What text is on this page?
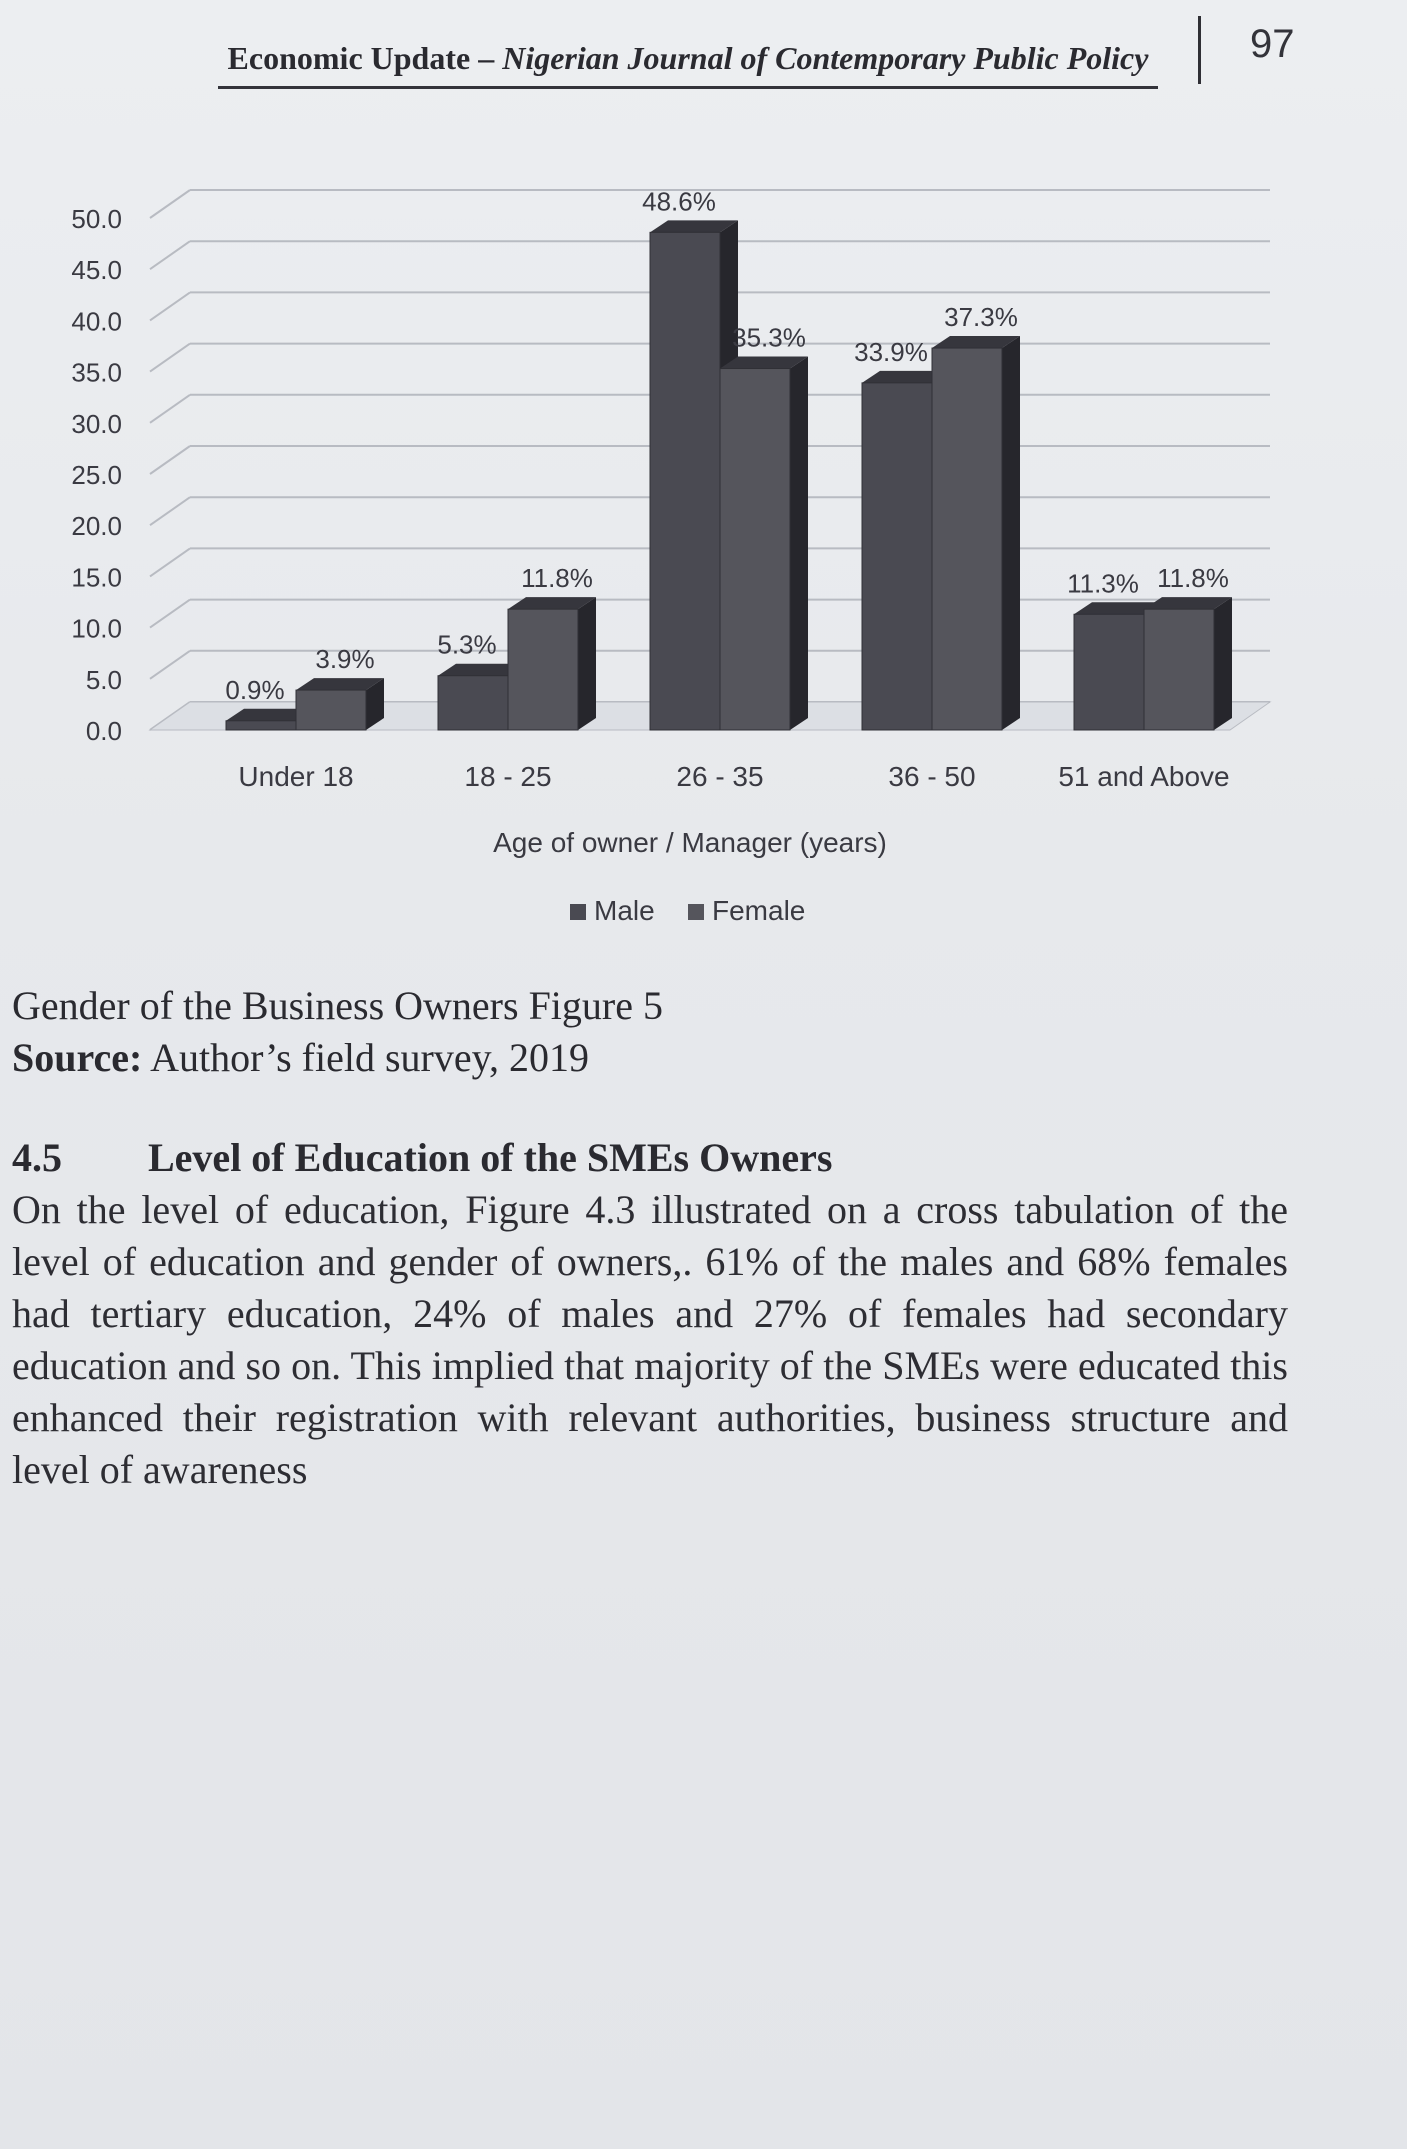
Economic Update – Nigerian Journal of Contemporary Public Policy	97
0.0
5.0
10.0
15.0
20.0
25.0
30.0
35.0
40.0
45.0
50.0
0.9%
3.9%
Under 18
5.3%
11.8%
18 - 25
48.6%
35.3%
26 - 35
33.9%
37.3%
36 - 50
11.3% 11.8%
51 and Above
Age of owner / Manager (years)
Male Female
Gender of the Business Owners Figure 5
Source: Author’s field survey, 2019
4.5 Level of Education of the SMEs Owners
On the level of education, Figure 4.3 illustrated on a cross tabulation of the level of education and gender of owners,. 61% of the males and 68% females had tertiary education, 24% of males and 27% of females had secondary education and so on. This implied that majority of the SMEs were educated this enhanced their registration with relevant authorities, business structure and level of awareness
